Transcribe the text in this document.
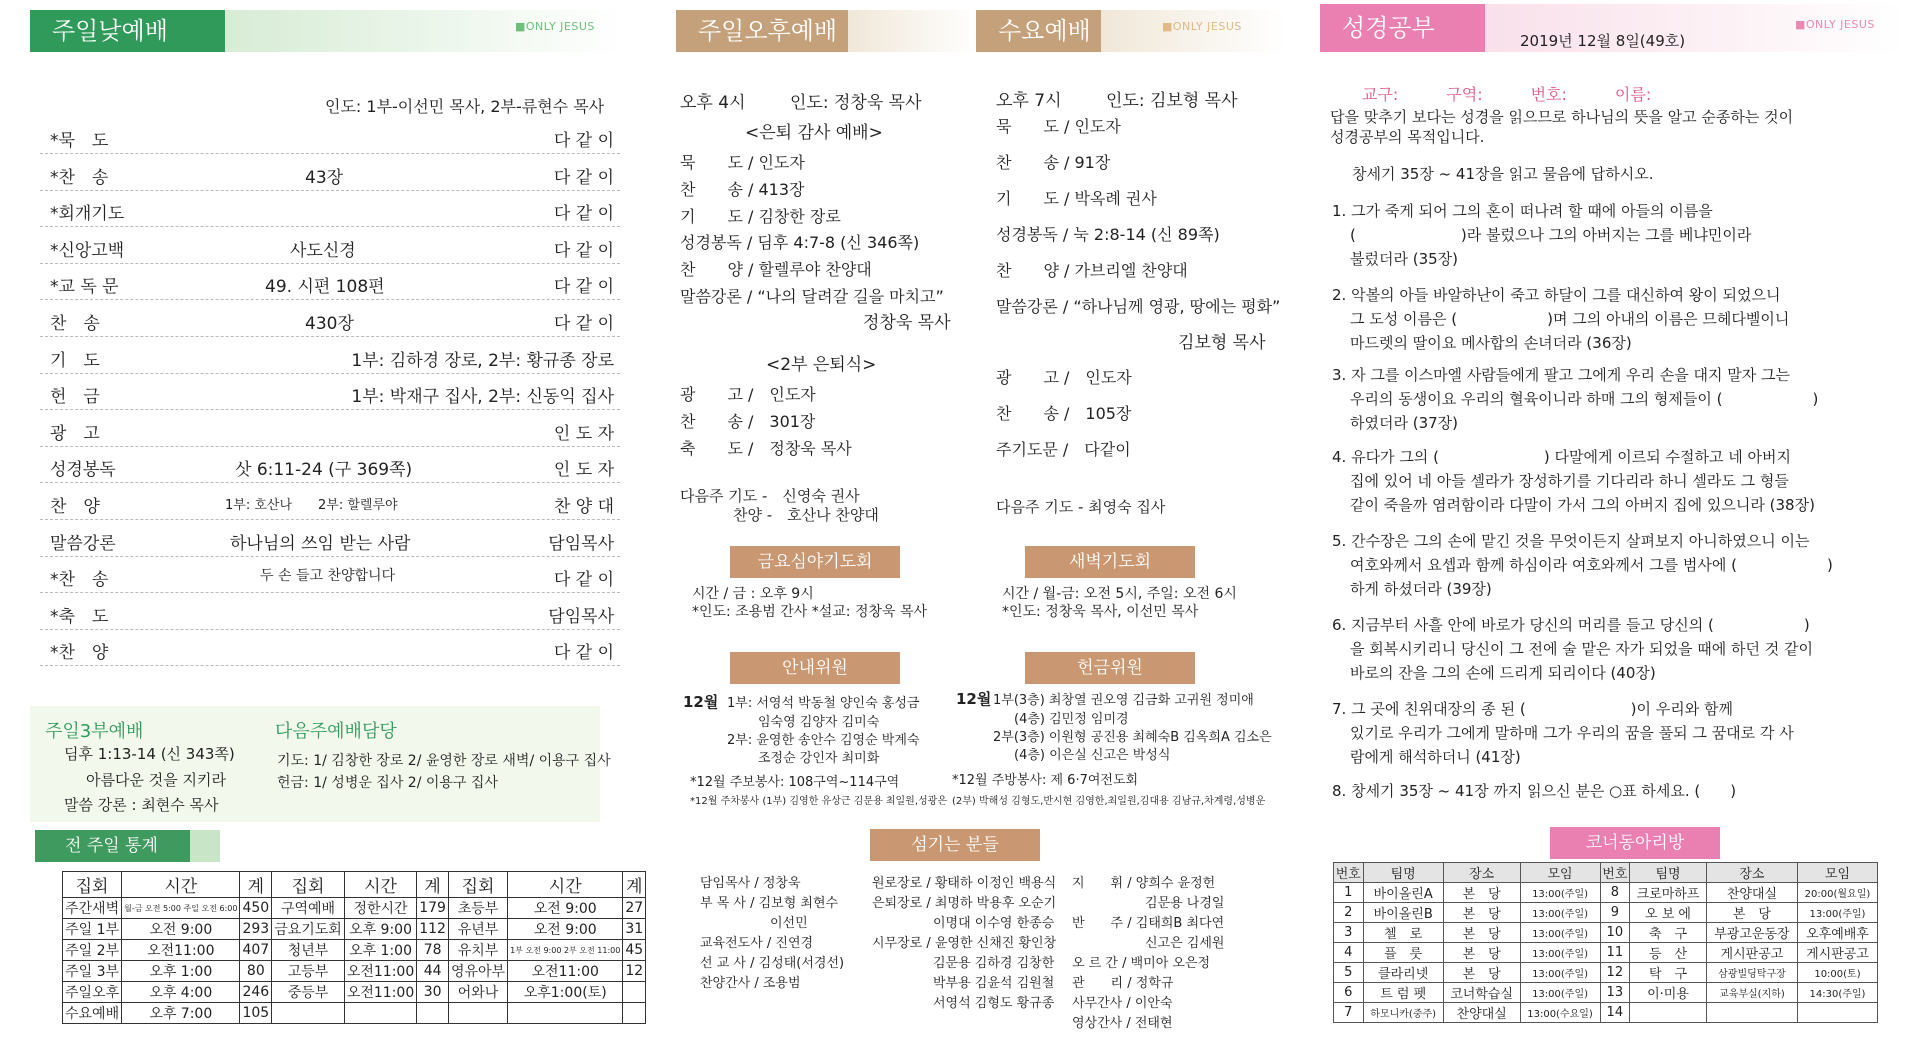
주일낮예배	■ONLY JESUS
인도: 1부-이선민 목사, 2부-류현수 목사
*묵　도	다 같 이
*찬　송	43장	다 같 이
*회개기도	다 같 이
*신앙고백	사도신경	다 같 이
*교 독 문	49. 시편 108편	다 같 이
찬　송	430장	다 같 이
기　도	1부: 김하경 장로, 2부: 황규종 장로
헌　금	1부: 박재구 집사, 2부: 신동익 집사
광　고	인 도 자
성경봉독	삿 6:11-24 (구 369쪽)	인 도 자
찬　양	1부: 호산나　　2부: 할렐루야	찬 양 대
말씀강론	하나님의 쓰임 받는 사람	담임목사
*찬　송	두 손 들고 찬양합니다	다 같 이
*축　도	담임목사
*찬　양	다 같 이
주일3부예배
딤후 1:13-14 (신 343쪽)
아름다운 것을 지키라
말씀 강론 : 최현수 목사
다음주예배담당
기도: 1/ 김창한 장로 2/ 윤영한 장로 새벽/ 이용구 집사
헌금: 1/ 성병운 집사 2/ 이용구 집사
전 주일 통계
집회	시간	계	집회	시간	계	집회	시간	계
주간새벽	월-금 오전 5:00 주일 오전 6:00	450	구역예배	정한시간	179	초등부	오전 9:00	27
주일 1부	오전 9:00	293	금요기도회	오후 9:00	112	유년부	오전 9:00	31
주일 2부	오전11:00	407	청년부	오후 1:00	78	유치부	1부 오전 9:00 2부 오전 11:00	45
주일 3부	오후 1:00	80	고등부	오전11:00	44	영유아부	오전11:00	12
주일오후	오후 4:00	246	중등부	오전11:00	30	어와나	오후1:00(토)	
수요예배	오후 7:00	105						
주일오후예배
오후 4시	인도: 정창욱 목사
<은퇴 감사 예배>
묵　　도 / 인도자
찬　　송 / 413장
기　　도 / 김창한 장로
성경봉독 / 딤후 4:7-8 (신 346쪽)
찬　　양 / 할렐루야 찬양대
말씀강론 / “나의 달려갈 길을 마치고”
정창욱 목사
<2부 은퇴식>
광　　고 /　인도자
찬　　송 /　301장
축　　도 /　정창욱 목사
다음주 기도 -　신영숙 권사
찬양 -　호산나 찬양대
수요예배	■ONLY JESUS
오후 7시	인도: 김보형 목사
묵　　도 / 인도자
찬　　송 / 91장
기　　도 / 박옥례 권사
성경봉독 / 눅 2:8-14 (신 89쪽)
찬　　양 / 가브리엘 찬양대
말씀강론 / “하나님께 영광, 땅에는 평화”
김보형 목사
광　　고 /　인도자
찬　　송 /　105장
주기도문 /　다같이
다음주 기도 - 최영숙 집사
금요심야기도회
시간 / 금 : 오후 9시
*인도: 조용범 간사 *설교: 정창욱 목사
새벽기도회
시간 / 월-금: 오전 5시, 주일: 오전 6시
*인도: 정창욱 목사, 이선민 목사
안내위원
12월 1부: 서영석 박동철 양인숙 홍성금
임숙영 김양자 김미숙
2부: 윤영한 송안수 김영순 박계숙
조정순 강인자 최미화
*12월 주보봉사: 108구역~114구역
*12월 주차봉사 (1부) 김영한 유상근 김문용 최일원,성광은
헌금위원
12월 1부(3층) 최창열 권오영 김금화 고귀원 정미애
(4층) 김민정 임미경
2부(3층) 이원형 공진용 최혜숙B 김옥희A 김소은
(4층) 이은실 신고은 박성식
*12월 주방봉사: 제 6·7여전도회
(2부) 박해성 김형도,반시현 김영한,최일원,김대용 김남규,차계령,성병운
섬기는 분들
담임목사 / 정창욱
부 목 사 / 김보형 최현수
이선민
교육전도사 / 진연경
선 교 사 / 김성태(서경선)
찬양간사 / 조용범
원로장로 / 황태하 이정인 백용식
은퇴장로 / 최명하 박용후 오순기
이명대 이수영 한종승
시무장로 / 윤영한 신채진 황인창
김문용 김하경 김창한
박부용 김윤석 김원철
서영석 김형도 황규종
지　　휘 / 양희수 윤정헌
김문용 나경일
반　　주 / 김태희B 최다연
신고은 김세원
오 르 간 / 백미아 오은정
관　　리 / 정학규
사무간사 / 이안숙
영상간사 / 전태현
성경공부	■ONLY JESUS
2019년 12월 8일(49호)
교구:　　　구역:　　　번호:　　　이름:
답을 맞추기 보다는 성경을 읽으므로 하나님의 뜻을 알고 순종하는 것이
성경공부의 목적입니다.
창세기 35장 ~ 41장을 읽고 물음에 답하시오.
1. 그가 죽게 되어 그의 혼이 떠나려 할 때에 아들의 이름을
(　　　　　　　)라 불렀으나 그의 아버지는 그를 베냐민이라
불렀더라 (35장)
2. 악볼의 아들 바알하난이 죽고 하달이 그를 대신하여 왕이 되었으니
그 도성 이름은 (　　　　　　)며 그의 아내의 이름은 므헤다벨이니
마드렛의 딸이요 메사합의 손녀더라 (36장)
3. 자 그를 이스마엘 사람들에게 팔고 그에게 우리 손을 대지 말자 그는
우리의 동생이요 우리의 혈육이니라 하매 그의 형제들이 (　　　　　　)
하였더라 (37장)
4. 유다가 그의 (　　　　　　　) 다말에게 이르되 수절하고 네 아버지
집에 있어 네 아들 셀라가 장성하기를 기다리라 하니 셀라도 그 형들
같이 죽을까 염려함이라 다말이 가서 그의 아버지 집에 있으니라 (38장)
5. 간수장은 그의 손에 맡긴 것을 무엇이든지 살펴보지 아니하였으니 이는
여호와께서 요셉과 함께 하심이라 여호와께서 그를 범사에 (　　　　　　)
하게 하셨더라 (39장)
6. 지금부터 사흘 안에 바로가 당신의 머리를 들고 당신의 (　　　　　　)
을 회복시키리니 당신이 그 전에 술 맡은 자가 되었을 때에 하던 것 같이
바로의 잔을 그의 손에 드리게 되리이다 (40장)
7. 그 곳에 친위대장의 종 된 (　　　　　　　)이 우리와 함께
있기로 우리가 그에게 말하매 그가 우리의 꿈을 풀되 그 꿈대로 각 사
람에게 해석하더니 (41장)
8. 창세기 35장 ~ 41장 까지 읽으신 분은 ○표 하세요. (　　)
코너동아리방
번호	팀명	장소	모임	번호	팀명	장소	모임
1	바이올린A	본　당	13:00(주일)	8	크로마하프	찬양대실	20:00(월요일)
2	바이올린B	본　당	13:00(주일)	9	오 보 에	본　당	13:00(주일)
3	첼　로	본　당	13:00(주일)	10	축　구	부광고운동장	오후예배후
4	플　룻	본　당	13:00(주일)	11	등　산	게시판공고	게시판공고
5	클라리넷	본　당	13:00(주일)	12	탁　구	삼광빌딩탁구장	10:00(토)
6	트 럼 펫	코너학습실	13:00(주일)	13	이·미용	교육부실(지하)	14:30(주일)
7	하모니카(중주)	찬양대실	13:00(수요일)	14			
